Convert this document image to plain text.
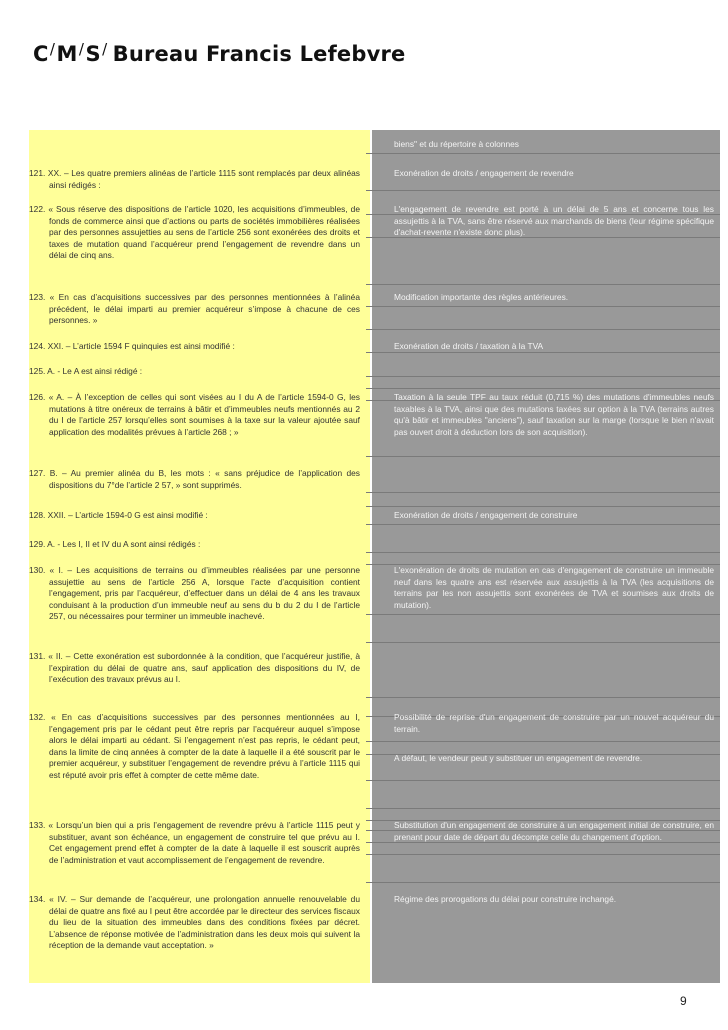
C/M/S/ Bureau Francis Lefebvre
biens" et du répertoire à colonnes
121. XX. – Les quatre premiers alinéas de l’article 1115 sont remplacés par deux alinéas ainsi rédigés :
Exonération de droits / engagement de revendre
122. « Sous réserve des dispositions de l’article 1020, les acquisitions d’immeubles, de fonds de commerce ainsi que d’actions ou parts de sociétés immobilières réalisées par des personnes assujetties au sens de l’article 256 sont exonérées des droits et taxes de mutation quand l’acquéreur prend l’engagement de revendre dans un délai de cinq ans.
L'engagement de revendre est porté à un délai de 5 ans et concerne tous les assujettis à la TVA, sans être réservé aux marchands de biens (leur régime spécifique d'achat-revente n'existe donc plus).
123. « En cas d’acquisitions successives par des personnes mentionnées à l’alinéa précédent, le délai imparti au premier acquéreur s’impose à chacune de ces personnes. »
Modification importante des règles antérieures.
124. XXI. – L’article 1594 F quinquies est ainsi modifié :	Exonération de droits / taxation à la TVA
125. A. - Le A est ainsi rédigé :
126. « A. – À l’exception de celles qui sont visées au I du A de l’article 1594-0 G, les mutations à titre onéreux de terrains à bâtir et d’immeubles neufs mentionnés au 2 du I de l’article 257 lorsqu’elles sont soumises à la taxe sur la valeur ajoutée sauf application des modalités prévues à l’article 268 ; »
Taxation à la seule TPF au taux réduit (0,715 %) des mutations d'immeubles neufs taxables à la TVA, ainsi que des mutations taxées sur option à la TVA (terrains autres qu'à bâtir et immeubles "anciens"), sauf taxation sur la marge (lorsque le bien n'avait pas ouvert droit à déduction lors de son acquisition).
127. B. – Au premier alinéa du B, les mots : « sans préjudice de l’application des dispositions du 7°de l’article 2 57, » sont supprimés.
128. XXII. – L’article 1594-0 G est ainsi modifié :	Exonération de droits / engagement de construire
129. A. - Les I, II et IV du A sont ainsi rédigés :
130. « I. – Les acquisitions de terrains ou d’immeubles réalisées par une personne assujettie au sens de l’article 256 A, lorsque l’acte d’acquisition contient l’engagement, pris par l’acquéreur, d’effectuer dans un délai de 4 ans les travaux conduisant à la production d’un immeuble neuf au sens du b du 2 du I de l’article 257, ou nécessaires pour terminer un immeuble inachevé.
L'exonération de droits de mutation en cas d'engagement de construire un immeuble neuf dans les quatre ans est réservée aux assujettis à la TVA (les acquisitions de terrains par les non assujettis sont exonérées de TVA et soumises aux droits de mutation).
131. « II. – Cette exonération est subordonnée à la condition, que l’acquéreur justifie, à l’expiration du délai de quatre ans, sauf application des dispositions du IV, de l’exécution des travaux prévus au I.
132. « En cas d’acquisitions successives par des personnes mentionnées au I, l’engagement pris par le cédant peut être repris par l’acquéreur auquel s’impose alors le délai imparti au cédant. Si l’engagement n’est pas repris, le cédant peut, dans la limite de cinq années à compter de la date à laquelle il a été souscrit par le premier acquéreur, y substituer l’engagement de revendre prévu à l’article 1115 qui est réputé avoir pris effet à compter de cette même date.
Possibilité de reprise d'un engagement de construire par un nouvel acquéreur du terrain.
A défaut, le vendeur peut y substituer un engagement de revendre.
133. « Lorsqu’un bien qui a pris l’engagement de revendre prévu à l’article 1115 peut y substituer, avant son échéance, un engagement de construire tel que prévu au I. Cet engagement prend effet à compter de la date à laquelle il est souscrit auprès de l’administration et vaut accomplissement de l’engagement de revendre.
Substitution d'un engagement de construire à un engagement initial de construire, en prenant pour date de départ du décompte celle du changement d'option.
134. « IV. – Sur demande de l’acquéreur, une prolongation annuelle renouvelable du délai de quatre ans fixé au I peut être accordée par le directeur des services fiscaux du lieu de la situation des immeubles dans des conditions fixées par décret. L’absence de réponse motivée de l’administration dans les deux mois qui suivent la réception de la demande vaut acceptation. »
Régime des prorogations du délai pour construire inchangé.
9
